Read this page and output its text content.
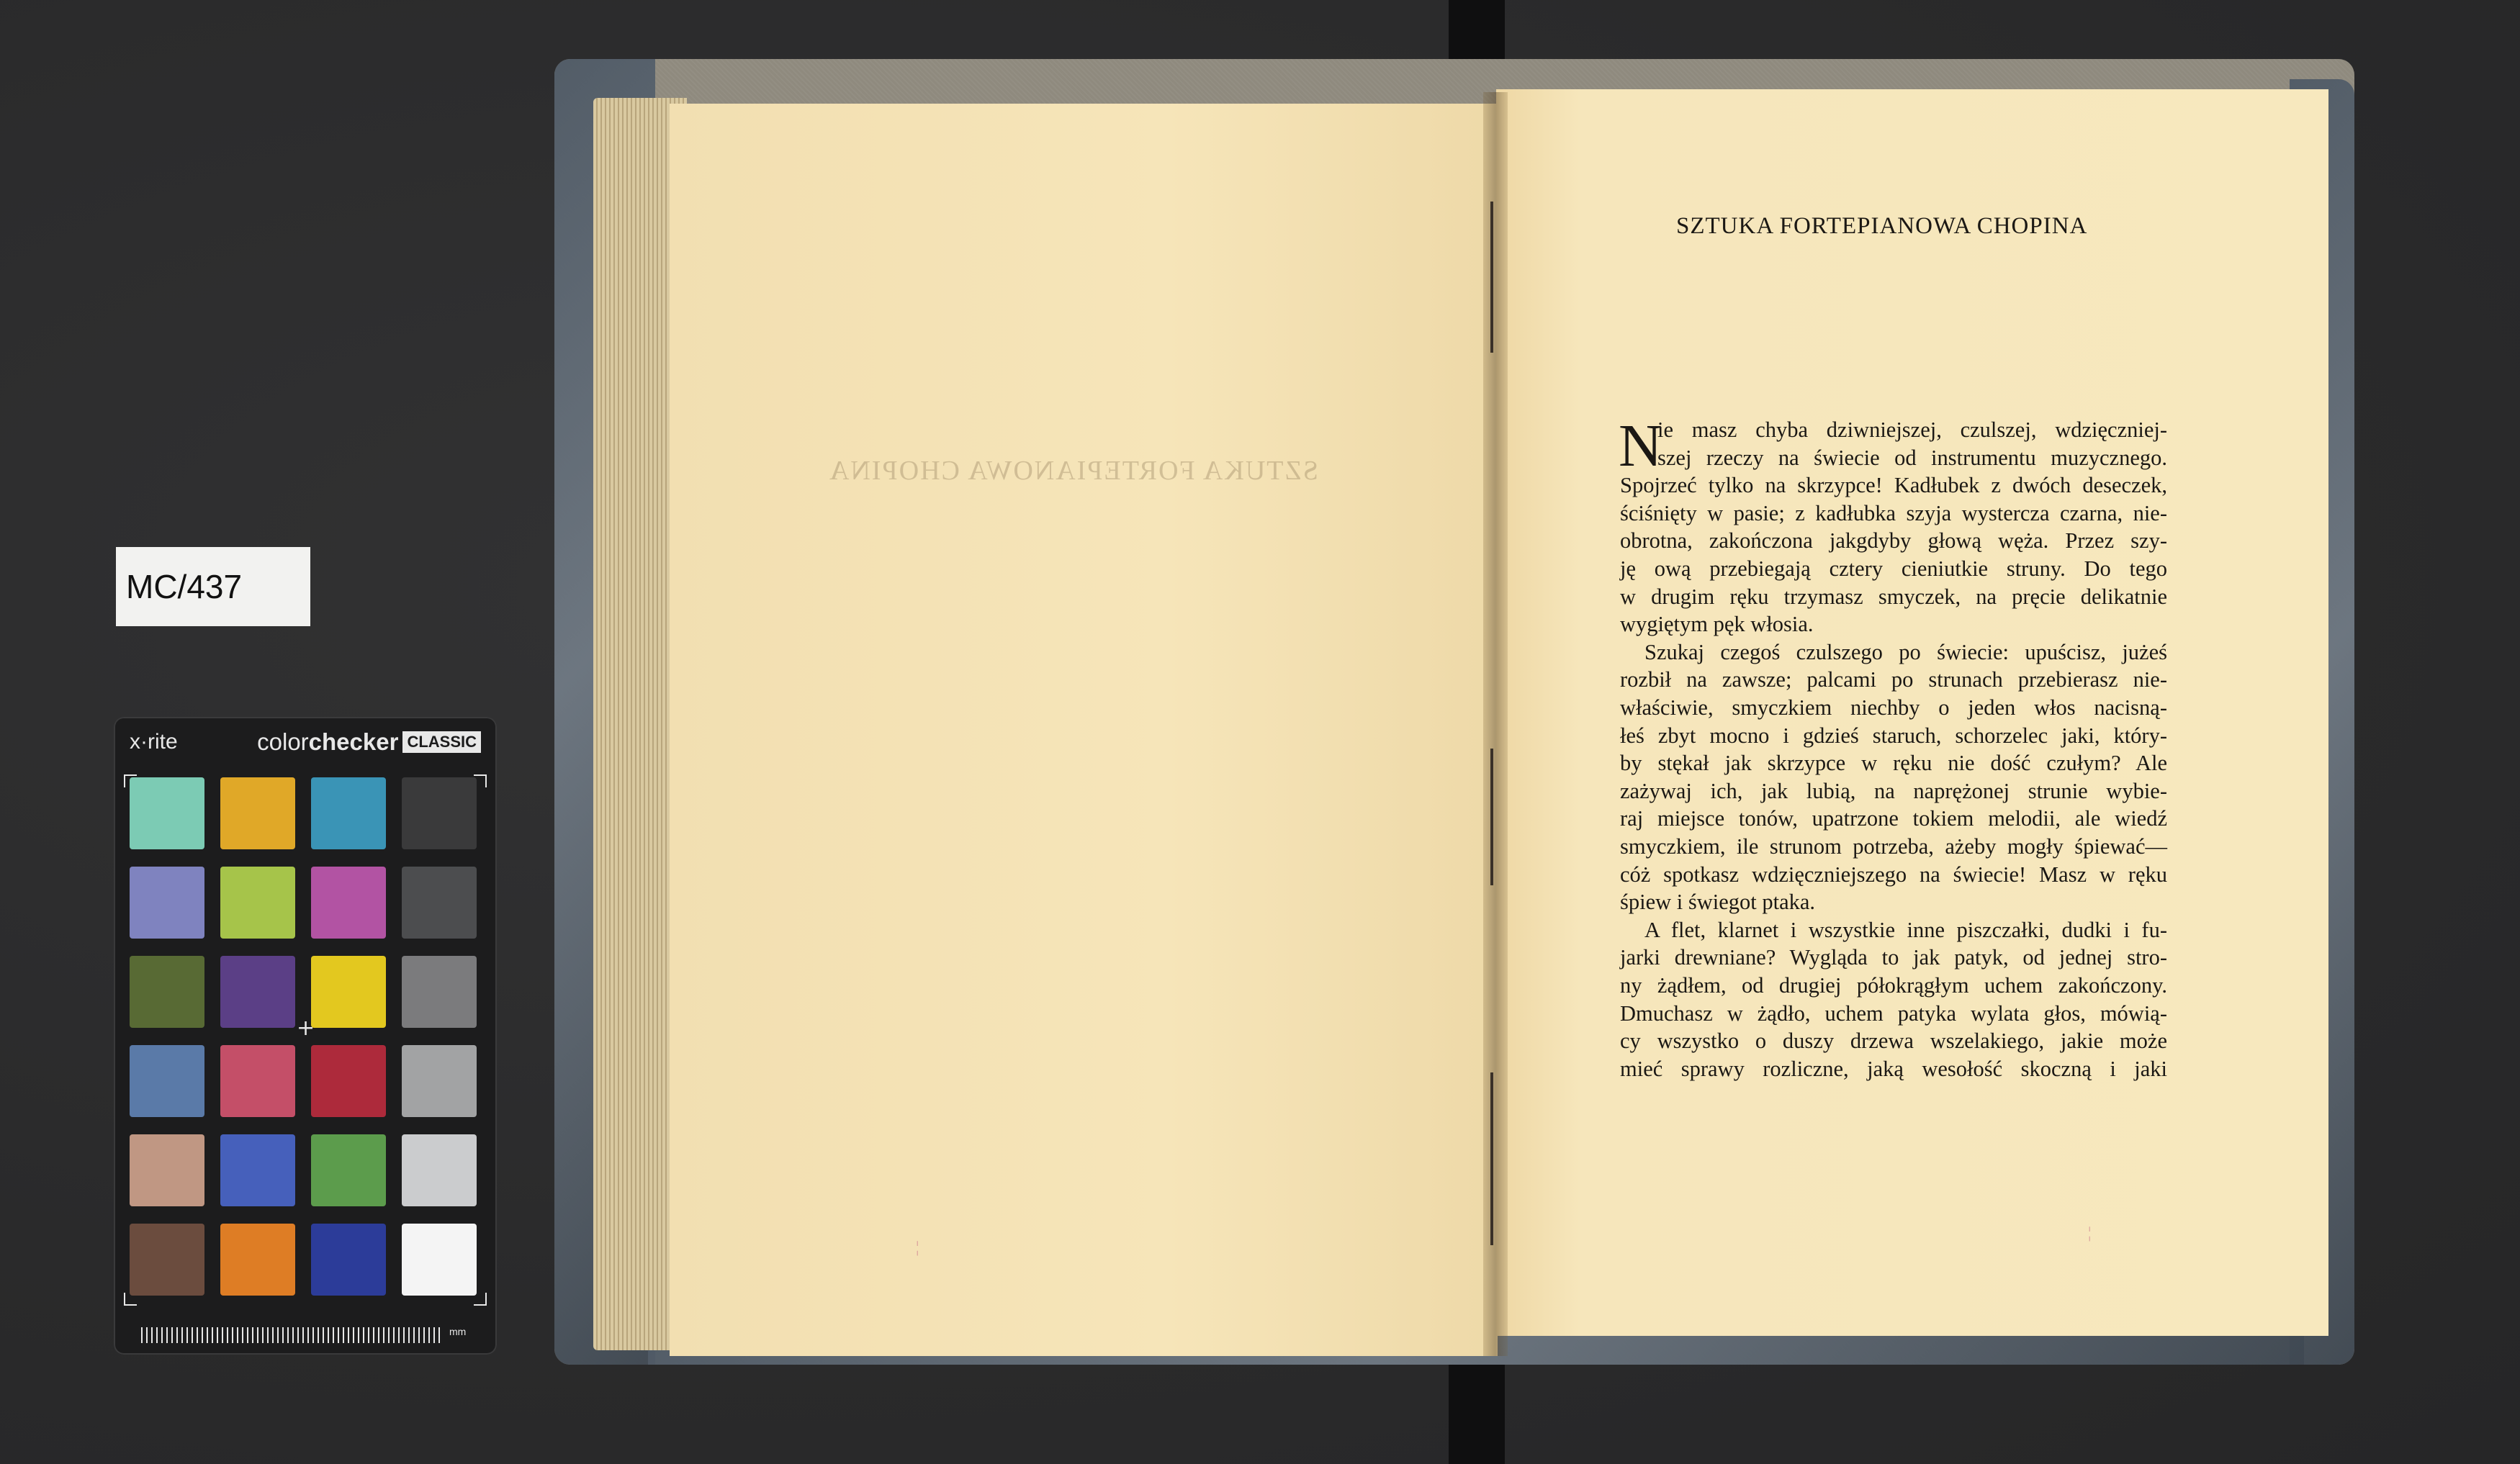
MC/437
x·rite	colorchecker CLASSIC
+
mm
SZTUKA FORTEPIANOWA CHOPINA
SZTUKA FORTEPIANOWA CHOPINA
N
ie masz chyba dziwniejszej, czulszej, wdzięczniej-
szej rzeczy na świecie od instrumentu muzycznego.
Spojrzeć tylko na skrzypce! Kadłubek z dwóch deseczek,
ściśnięty w pasie; z kadłubka szyja wystercza czarna, nie-
obrotna, zakończona jakgdyby głową węża. Przez szy-
ję ową przebiegają cztery cieniutkie struny. Do tego
w drugim ręku trzymasz smyczek, na pręcie delikatnie
wygiętym pęk włosia.
Szukaj czegoś czulszego po świecie: upuścisz, jużeś
rozbił na zawsze; palcami po strunach przebierasz nie-
właściwie, smyczkiem niechby o jeden włos nacisną-
łeś zbyt mocno i gdzieś staruch, schorzelec jaki, który-
by stękał jak skrzypce w ręku nie dość czułym? Ale
zażywaj ich, jak lubią, na naprężonej strunie wybie-
raj miejsce tonów, upatrzone tokiem melodii, ale wiedź
smyczkiem, ile strunom potrzeba, ażeby mogły śpiewać—
cóż spotkasz wdzięczniejszego na świecie! Masz w ręku
śpiew i świegot ptaka.
A flet, klarnet i wszystkie inne piszczałki, dudki i fu-
jarki drewniane? Wygląda to jak patyk, od jednej stro-
ny żądłem, od drugiej półokrągłym uchem zakończony.
Dmuchasz w żądło, uchem patyka wylata głos, mówią-
cy wszystko o duszy drzewa wszelakiego, jakie może
mieć sprawy rozliczne, jaką wesołość skoczną i jaki
¦
¦
